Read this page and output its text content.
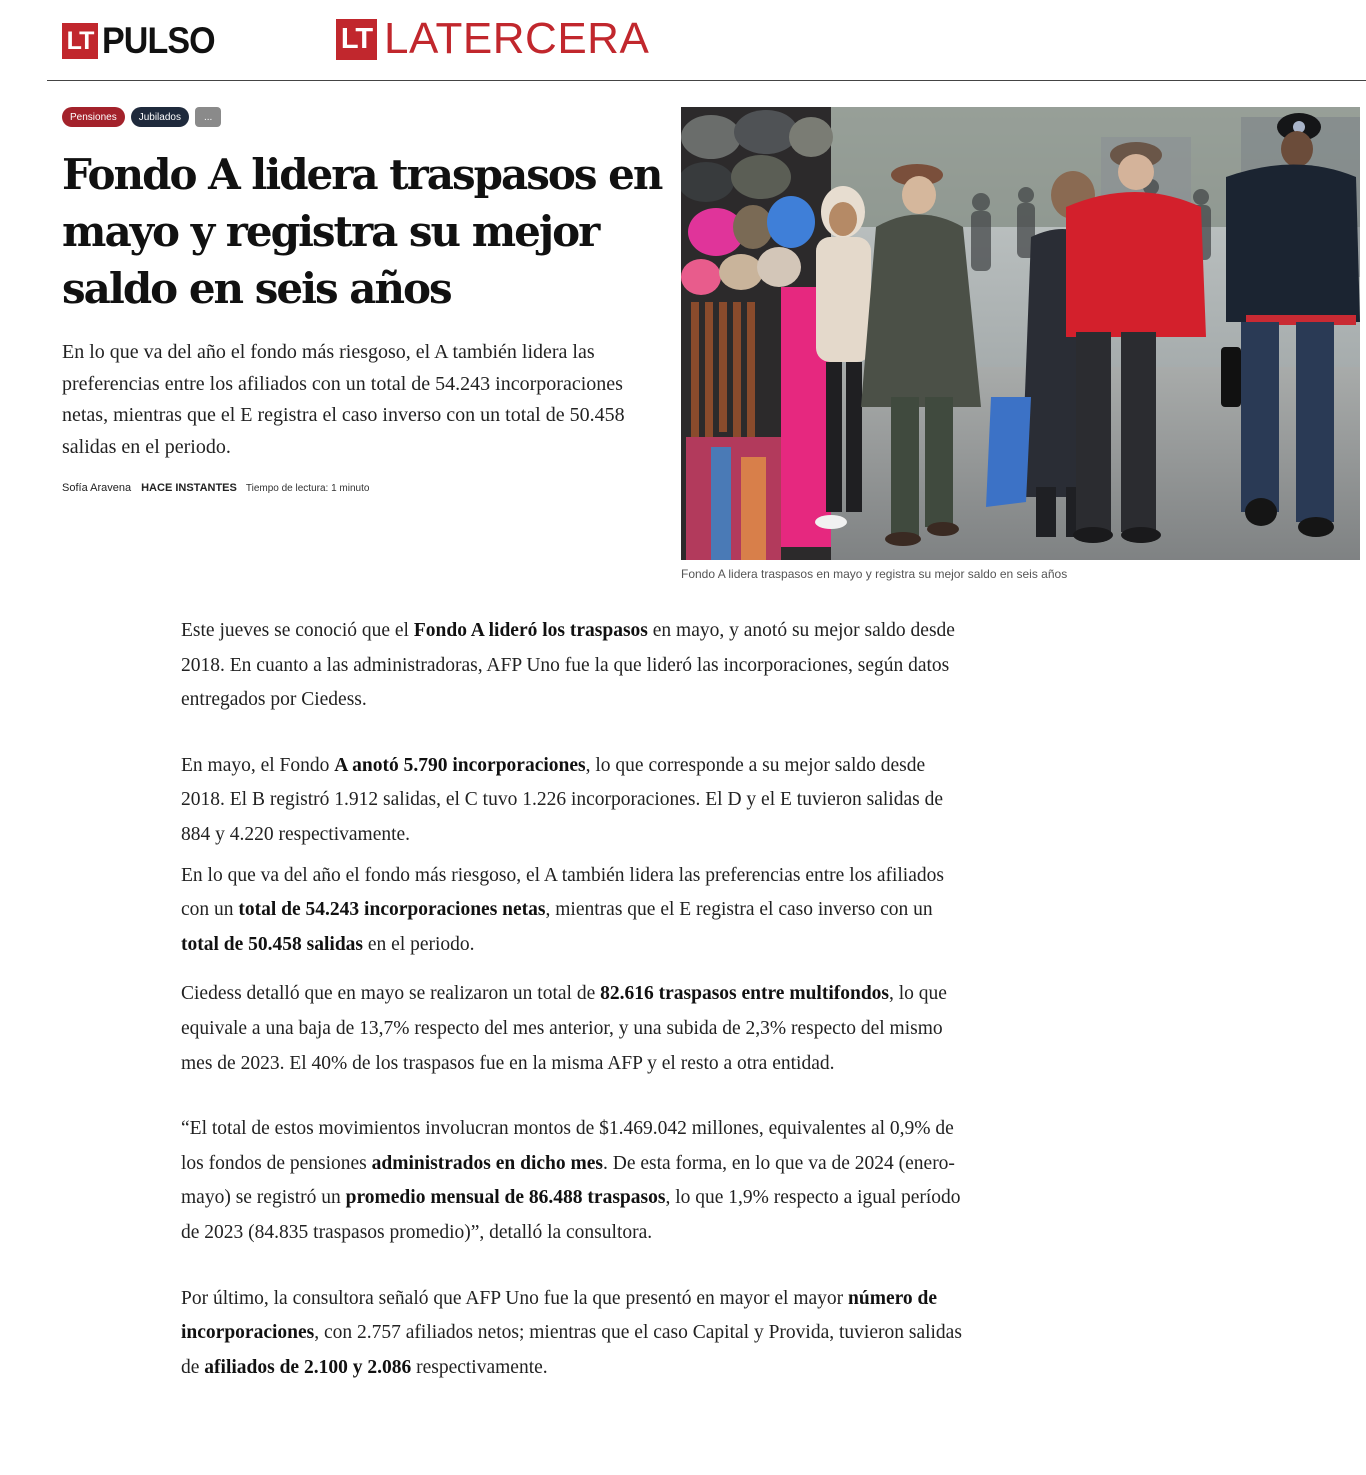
LT PULSO	LT LATERCERA
Pensiones	Jubilados	...
Fondo A lidera traspasos en mayo y registra su mejor saldo en seis años

En lo que va del año el fondo más riesgoso, el A también lidera las preferencias entre los afiliados con un total de 54.243 incorporaciones netas, mientras que el E registra el caso inverso con un total de 50.458 salidas en el periodo.

Sofía Aravena HACE INSTANTES Tiempo de lectura: 1 minuto
Fondo A lidera traspasos en mayo y registra su mejor saldo en seis años

Este jueves se conoció que el Fondo A lideró los traspasos en mayo, y anotó su mejor saldo desde 2018. En cuanto a las administradoras, AFP Uno fue la que lideró las incorporaciones, según datos entregados por Ciedess.

En mayo, el Fondo A anotó 5.790 incorporaciones, lo que corresponde a su mejor saldo desde 2018. El B registró 1.912 salidas, el C tuvo 1.226 incorporaciones. El D y el E tuvieron salidas de 884 y 4.220 respectivamente.

En lo que va del año el fondo más riesgoso, el A también lidera las preferencias entre los afiliados con un total de 54.243 incorporaciones netas, mientras que el E registra el caso inverso con un total de 50.458 salidas en el periodo.

Ciedess detalló que en mayo se realizaron un total de 82.616 traspasos entre multifondos, lo que equivale a una baja de 13,7% respecto del mes anterior, y una subida de 2,3% respecto del mismo mes de 2023. El 40% de los traspasos fue en la misma AFP y el resto a otra entidad.

“El total de estos movimientos involucran montos de $1.469.042 millones, equivalentes al 0,9% de los fondos de pensiones administrados en dicho mes. De esta forma, en lo que va de 2024 (enero-mayo) se registró un promedio mensual de 86.488 traspasos, lo que 1,9% respecto a igual período de 2023 (84.835 traspasos promedio)”, detalló la consultora.

Por último, la consultora señaló que AFP Uno fue la que presentó en mayor el mayor número de incorporaciones, con 2.757 afiliados netos; mientras que el caso Capital y Provida, tuvieron salidas de afiliados de 2.100 y 2.086 respectivamente.
